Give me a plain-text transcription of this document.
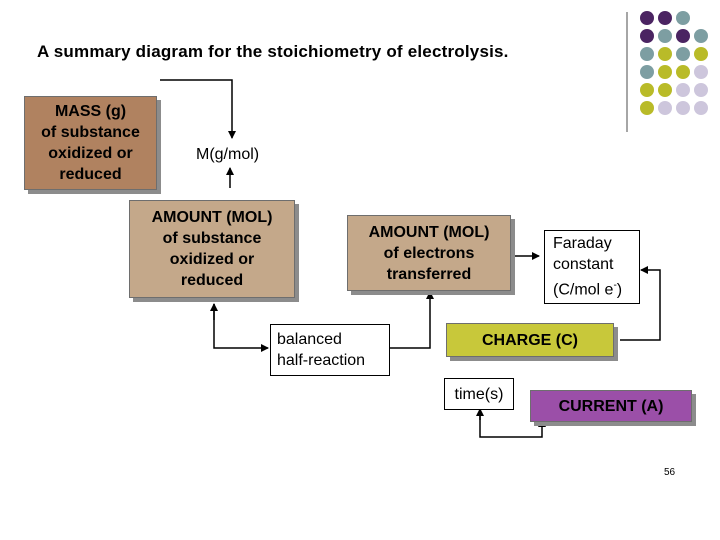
A summary diagram for the stoichiometry of electrolysis.
MASS (g)
of substance
oxidized or
reduced
M(g/mol)
AMOUNT (MOL)
of substance
oxidized or
reduced
AMOUNT (MOL)
of electrons
transferred
Faraday
constant
(C/mol e-)
balanced
half-reaction
CHARGE (C)
time(s)
CURRENT (A)
56
